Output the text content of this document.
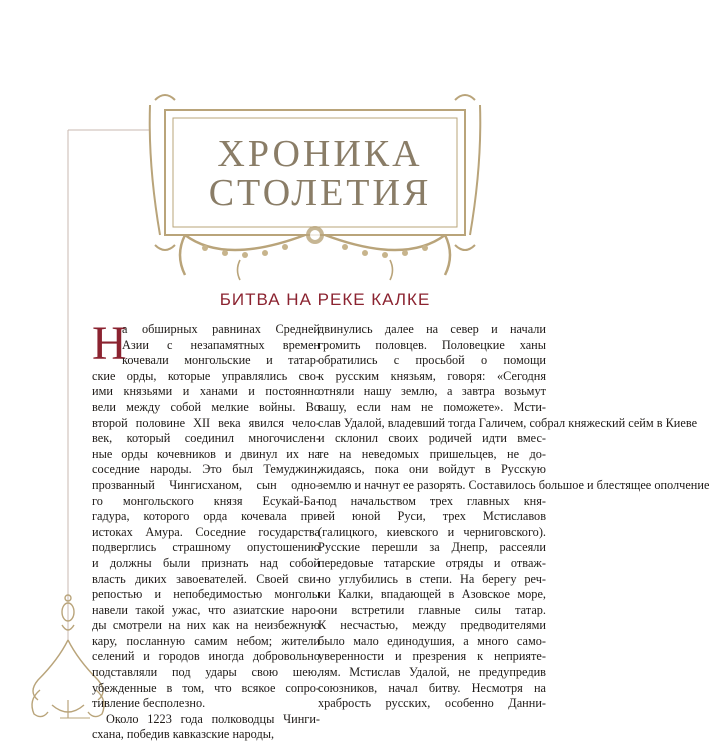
ХРОНИКА
СТОЛЕТИЯ
БИТВА НА РЕКЕ КАЛКЕ
Н
а обширных равнинах Средней
Азии с незапамятных времен
кочевали монгольские и татар-
ские орды, которые управлялись сво-
ими князьями и ханами и постоянно
вели между собой мелкие войны. Во
второй половине XII века явился чело-
век, который соединил многочислен-
ные орды кочевников и двинул их на
соседние народы. Это был Темуджин,
прозванный Чингисханом, сын одно-
го монгольского князя Есукай-Ба-
гадура, которого орда кочевала при
истоках Амура. Соседние государства
подверглись страшному опустошению
и должны были признать над собой
власть диких завоевателей. Своей сви-
репостью и непобедимостью монголы
навели такой ужас, что азиатские наро-
ды смотрели на них как на неизбежную
кару, посланную самим небом; жители
селений и городов иногда добровольно
подставляли под удары свою шею,
убежденные в том, что всякое сопро-
тивление бесполезно.
Около 1223 года полководцы Чинги-
сханa, победив кавказские народы,
двинулись далее на север и начали
громить половцев. Половецкие ханы
обратились с просьбой о помощи
к русским князьям, говоря: «Сегодня
отняли нашу землю, а завтра возьмут
вашу, если нам не поможете». Мсти-
слав Удалой, владевший тогда Галичем, собрал княжеский сейм в Киеве
и склонил своих родичей идти вмес-
те на неведомых пришельцев, не до-
жидаясь, пока они войдут в Русскую
землю и начнут ее разорять. Составилось большое и блестящее ополчение
под начальством трех главных кня-
зей юной Руси, трех Мстиславов
(галицкого, киевского и черниговского).
Русские перешли за Днепр, рассеяли
передовые татарские отряды и отваж-
но углубились в степи. На берегу реч-
ки Калки, впадающей в Азовское море,
они встретили главные силы татар.
К несчастью, между предводителями
было мало единодушия, а много само-
уверенности и презрения к неприяте-
лям. Мстислав Удалой, не предупредив
союзников, начал битву. Несмотря на
храбрость русских, особенно Данни-
